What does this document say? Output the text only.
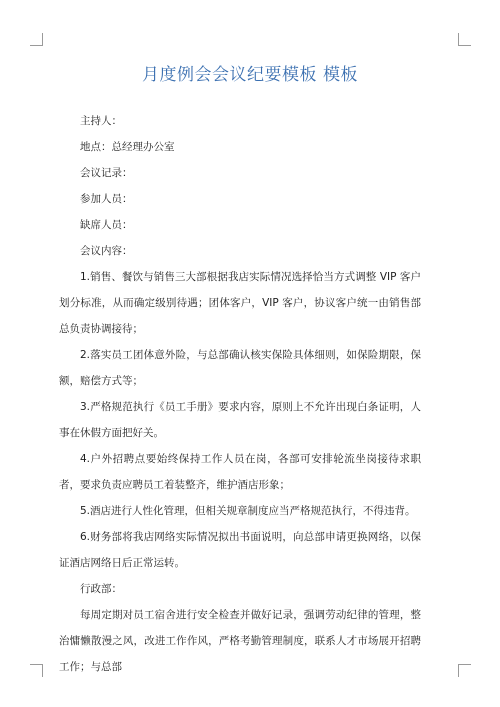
月度例会会议纪要模板 模板

主持人：

地点：总经理办公室

会议记录：

参加人员：

缺席人员：

会议内容：

1.销售、餐饮与销售三大部根据我店实际情况选择恰当方式调整 VIP 客户划分标准，从而确定级别待遇；团体客户，VIP 客户，协议客户统一由销售部总负责协调接待；

2.落实员工团体意外险，与总部确认核实保险具体细则，如保险期限，保额，赔偿方式等；

3.严格规范执行《员工手册》要求内容，原则上不允许出现白条证明，人事在休假方面把好关。

4.户外招聘点要始终保持工作人员在岗，各部可安排轮流坐岗接待求职者，要求负责应聘员工着装整齐，维护酒店形象；

5.酒店进行人性化管理，但相关规章制度应当严格规范执行，不得违背。

6.财务部将我店网络实际情况拟出书面说明，向总部申请更换网络，以保证酒店网络日后正常运转。

行政部：

每周定期对员工宿舍进行安全检查并做好记录，强调劳动纪律的管理，整治慵懒散漫之风，改进工作作风，严格考勤管理制度，联系人才市场展开招聘工作；与总部
